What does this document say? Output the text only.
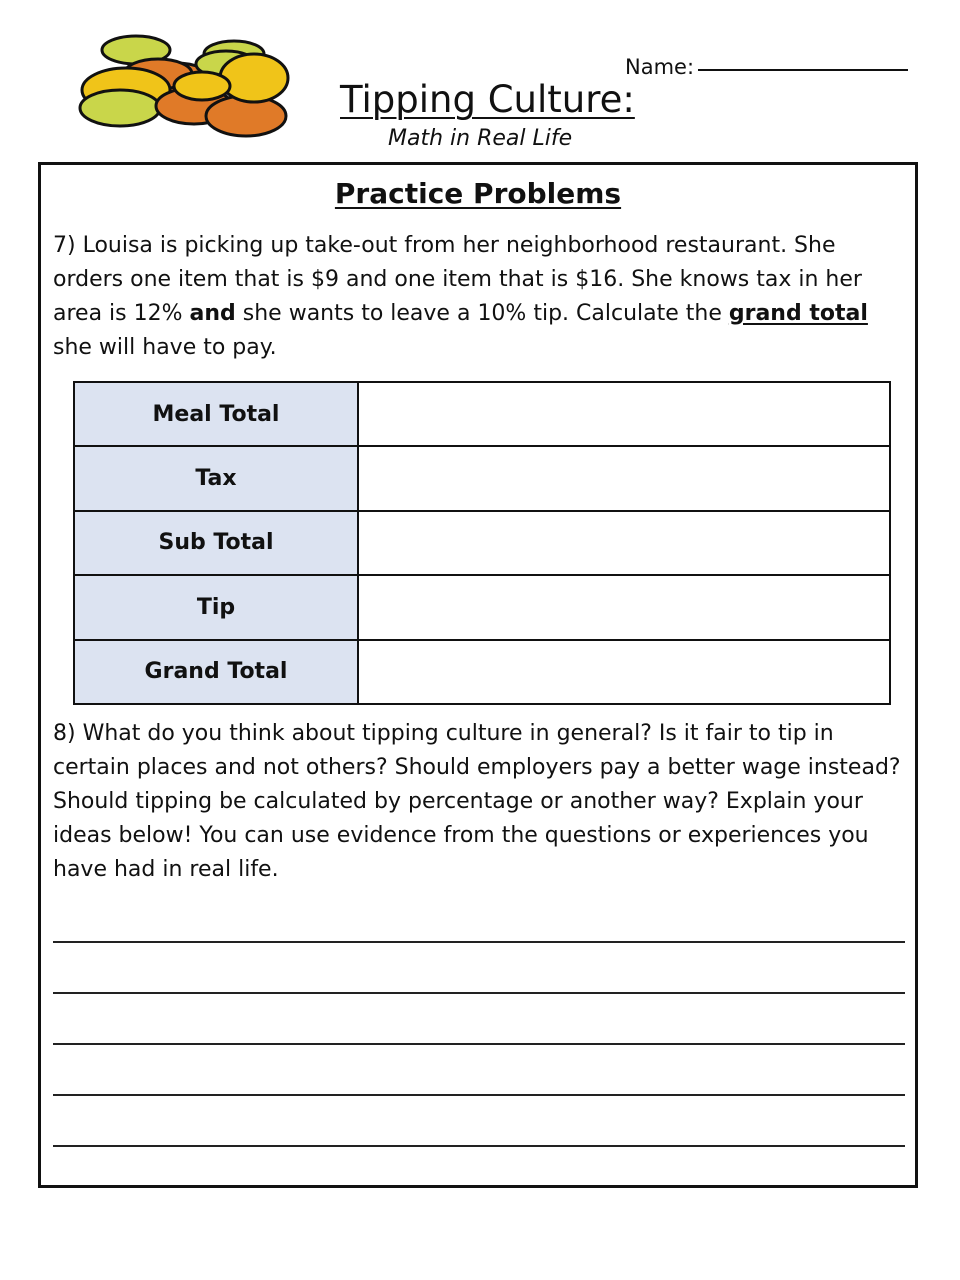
Name:
Tipping Culture:
Math in Real Life
Practice Problems
7) Louisa is picking up take-out from her neighborhood restaurant. She orders one item that is $9 and one item that is $16. She knows tax in her area is 12% and she wants to leave a 10% tip. Calculate the grand total she will have to pay.
Meal Total	
Tax	
Sub Total	
Tip	
Grand Total	
8) What do you think about tipping culture in general? Is it fair to tip in certain places and not others? Should employers pay a better wage instead? Should tipping be calculated by percentage or another way? Explain your ideas below! You can use evidence from the questions or experiences you have had in real life.
